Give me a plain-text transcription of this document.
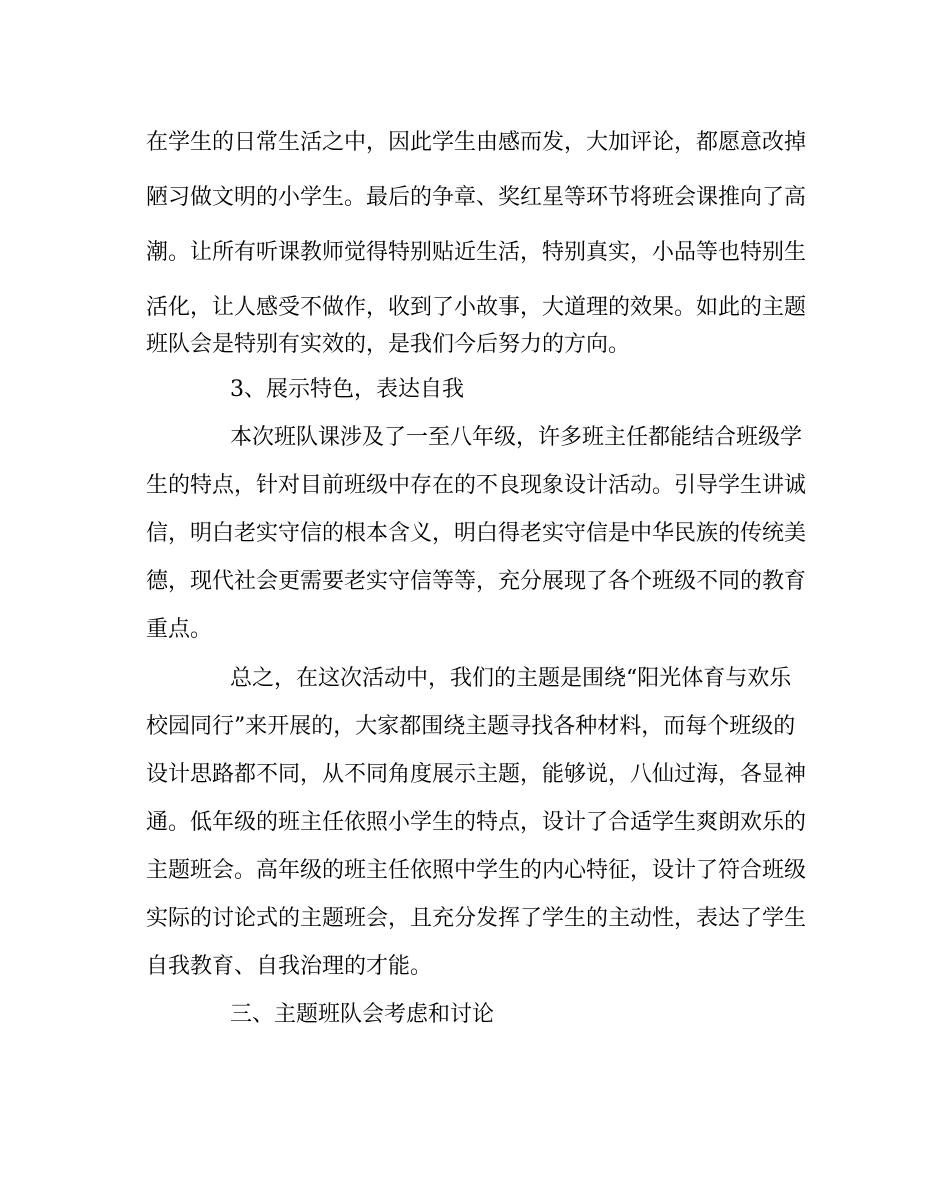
在学生的日常生活之中，因此学生由感而发，大加评论，都愿意改掉
陋习做文明的小学生。最后的争章、奖红星等环节将班会课推向了高
潮。让所有听课教师觉得特别贴近生活，特别真实，小品等也特别生
活化，让人感受不做作，收到了小故事，大道理的效果。如此的主题
班队会是特别有实效的，是我们今后努力的方向。
3、展示特色，表达自我
本次班队课涉及了一至八年级，许多班主任都能结合班级学
生的特点，针对目前班级中存在的不良现象设计活动。引导学生讲诚
信，明白老实守信的根本含义，明白得老实守信是中华民族的传统美
德，现代社会更需要老实守信等等，充分展现了各个班级不同的教育
重点。
总之，在这次活动中，我们的主题是围绕“阳光体育与欢乐
校园同行”来开展的，大家都围绕主题寻找各种材料，而每个班级的
设计思路都不同，从不同角度展示主题，能够说，八仙过海，各显神
通。低年级的班主任依照小学生的特点，设计了合适学生爽朗欢乐的
主题班会。高年级的班主任依照中学生的内心特征，设计了符合班级
实际的讨论式的主题班会，且充分发挥了学生的主动性，表达了学生
自我教育、自我治理的才能。
三、主题班队会考虑和讨论
